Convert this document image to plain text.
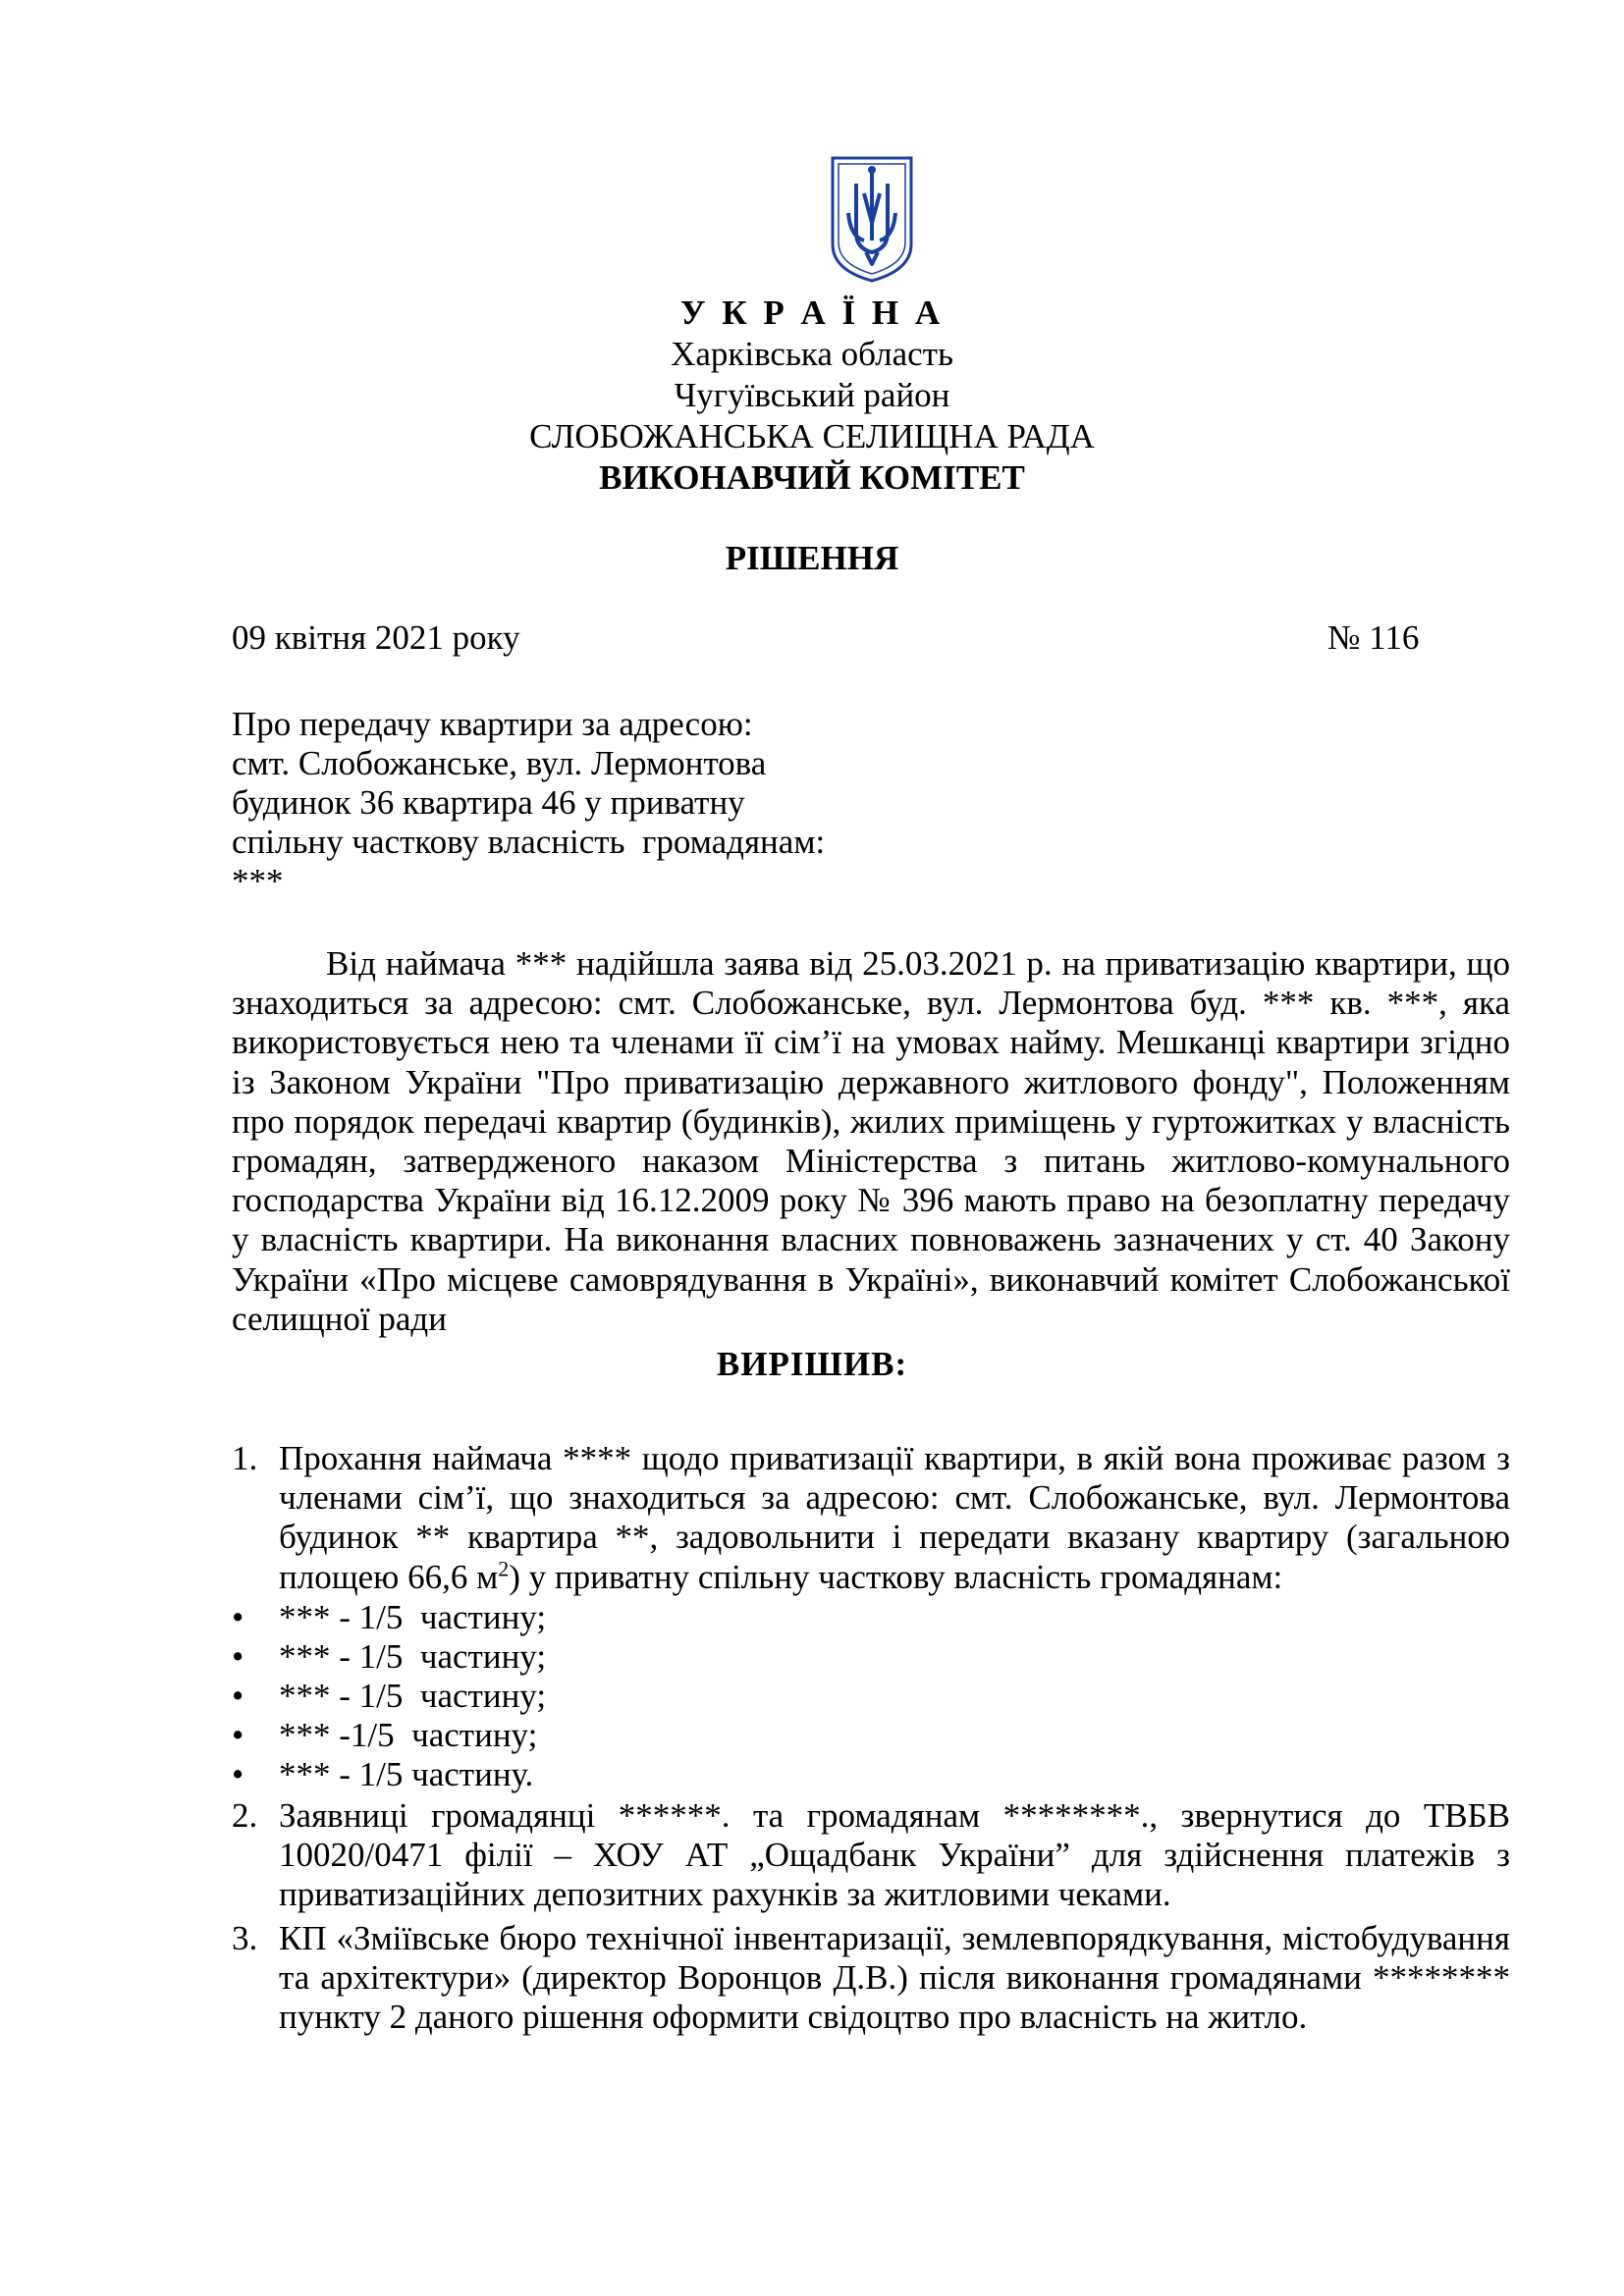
У К Р А Ї Н А
Харківська область
Чугуївський район
СЛОБОЖАНСЬКА СЕЛИЩНА РАДА
ВИКОНАВЧИЙ КОМІТЕТ
РІШЕННЯ
09 квітня 2021 року	№ 116
Про передачу квартири за адресою:
смт. Слобожанське, вул. Лермонтова
будинок 36 квартира 46 у приватну
спільну часткову власність  громадянам:
***
Від наймача *** надійшла заява від 25.03.2021 р. на приватизацію квартири, що знаходиться за адресою: смт. Слобожанське, вул. Лермонтова буд. *** кв. ***, яка використовується нею та членами її сім’ї на умовах найму. Мешканці квартири згідно із Законом України "Про приватизацію державного житлового фонду", Положенням про порядок передачі квартир (будинків), жилих приміщень у гуртожитках у власність громадян, затвердженого наказом Міністерства з питань житлово-комунального господарства України від 16.12.2009 року № 396 мають право на безоплатну передачу у власність квартири. На виконання власних повноважень зазначених у ст. 40 Закону України «Про місцеве самоврядування в Україні», виконавчий комітет Слобожанської селищної ради
ВИРІШИВ:
1. Прохання наймача **** щодо приватизації квартири, в якій вона проживає разом з членами сім’ї, що знаходиться за адресою: смт. Слобожанське, вул. Лермонтова будинок ** квартира **, задовольнити і передати вказану квартиру (загальною площею 66,6 $м^2$) у приватну спільну часткову власність громадянам:
• *** - 1/5  частину;
• *** - 1/5  частину;
• *** - 1/5  частину;
• *** -1/5  частину;
• *** - 1/5 частину.
2. Заявниці громадянці ******. та громадянам ********., звернутися до ТВБВ 10020/0471 філії – ХОУ АТ „Ощадбанк України” для здійснення платежів з приватизаційних депозитних рахунків за житловими чеками.
3. КП «Зміївське бюро технічної інвентаризації, землевпорядкування, містобудування та архітектури» (директор Воронцов Д.В.) після виконання громадянами ******** пункту 2 даного рішення оформити свідоцтво про власність на житло.
